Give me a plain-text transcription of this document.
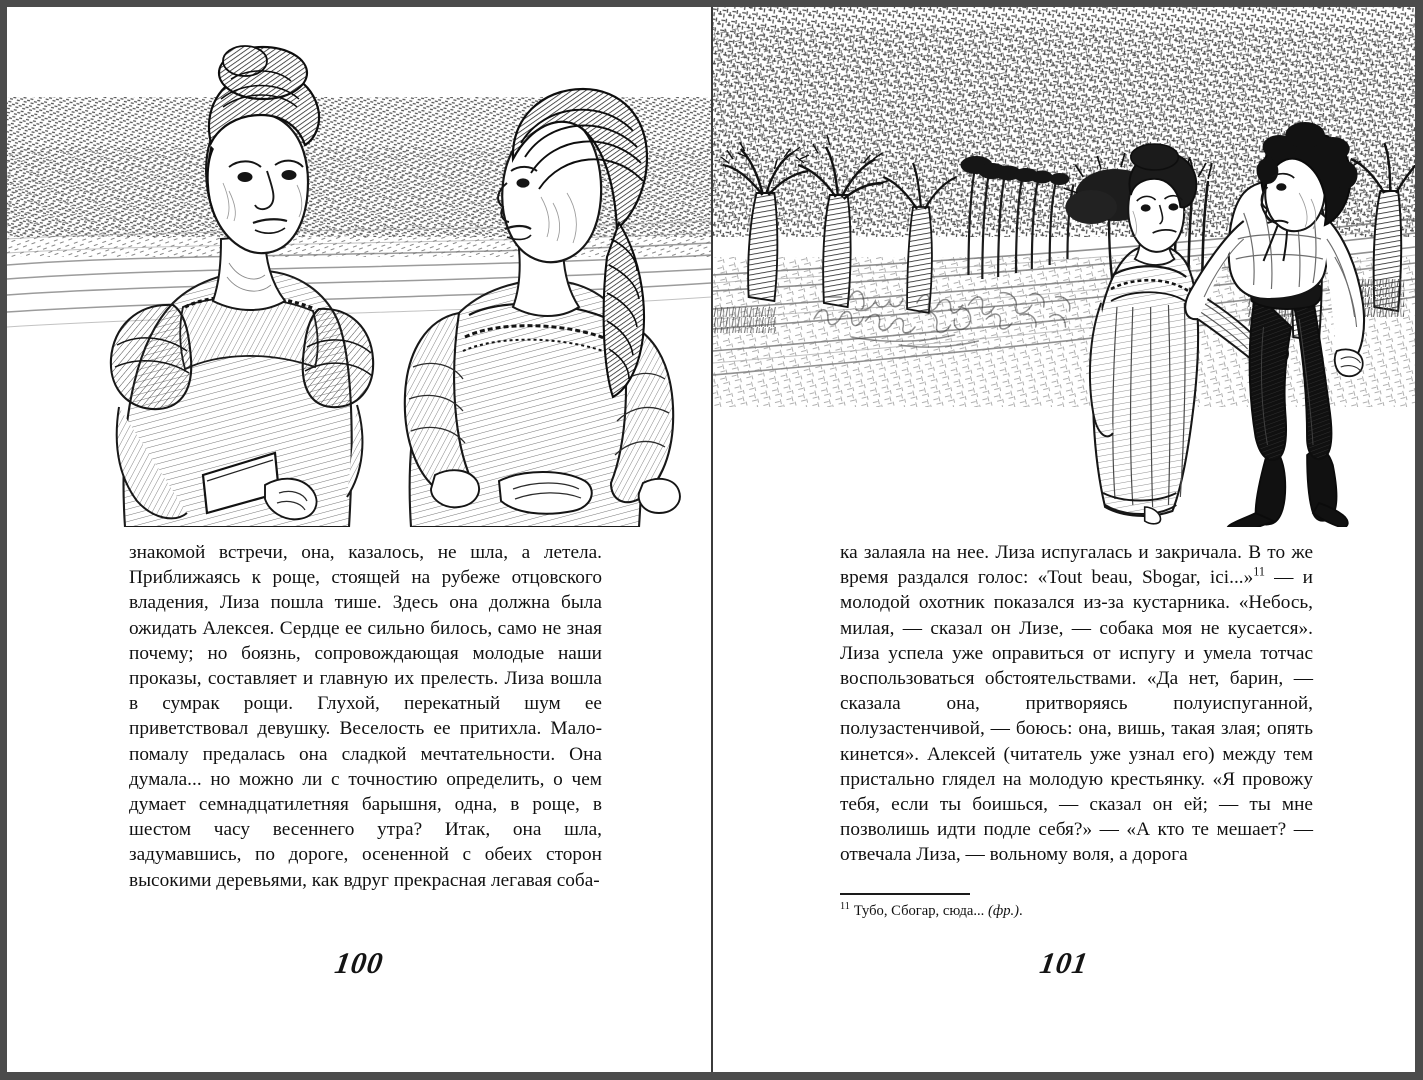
знакомой встречи, она, казалось, не шла, а летела. Приближаясь к роще, стоящей на рубеже отцовского владения, Лиза пошла тише. Здесь она должна была ожидать Алексея. Сердце ее сильно билось, само не зная почему; но боязнь, сопровождающая молодые наши проказы, составляет и главную их прелесть. Лиза вошла в сумрак рощи. Глухой, перекатный шум ее приветствовал девушку. Веселость ее притихла. Мало-помалу предалась она сладкой мечтательности. Она думала... но можно ли с точностию определить, о чем думает семнадцатилетняя барышня, одна, в роще, в шестом часу весеннего утра? Итак, она шла, задумавшись, по дороге, осененной с обеих сторон высокими деревьями, как вдруг прекрасная легавая соба-

100

ка залаяла на нее. Лиза испугалась и закричала. В то же время раздался голос: «Tout beau, Sbogar, ici...»$^{11}$ — и молодой охотник показался из-за кустарника. «Небось, милая, — сказал он Лизе, — собака моя не кусается». Лиза успела уже оправиться от испугу и умела тотчас воспользоваться обстоятельствами. «Да нет, барин, — сказала она, притворяясь полуиспуганной, полузастенчивой, — боюсь: она, вишь, такая злая; опять кинется». Алексей (читатель уже узнал его) между тем пристально глядел на молодую крестьянку. «Я провожу тебя, если ты боишься, — сказал он ей; — ты мне позволишь идти подле себя?» — «А кто те мешает? — отвечала Лиза, — вольному воля, а дорога

$^{11}$ Тубо, Сбогар, сюда... (фр.).
101
